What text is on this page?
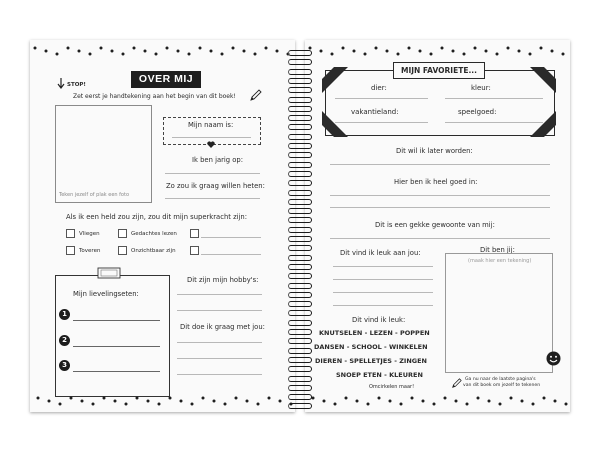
STOP!	OVER MIJ
Zet eerst je handtekening aan het begin van dit boek!
Teken jezelf of plak een foto
Mijn naam is:
Ik ben jarig op:
Zo zou ik graag willen heten:
Als ik een held zou zijn, zou dit mijn superkracht zijn:
Vliegen	Gedachtes lezen
Toveren	Onzichtbaar zijn
Mijn lievelingseten:
1
2
3
Dit zijn mijn hobby's:
Dit doe ik graag met jou:
MIJN FAVORIETE...
dier:	kleur:
vakantieland:	speelgoed:
Dit wil ik later worden:
Hier ben ik heel goed in:
Dit is een gekke gewoonte van mij:
Dit vind ik leuk aan jou:	Dit ben jij:
(maak hier een tekening)
Dit vind ik leuk:
KNUTSELEN - LEZEN - POPPEN
DANSEN - SCHOOL - WINKELEN
DIEREN - SPELLETJES - ZINGEN
SNOEP ETEN - KLEUREN
Omcirkelen maar!
Ga nu naar de laatste pagina's
van dit boek om jezelf te tekenen
